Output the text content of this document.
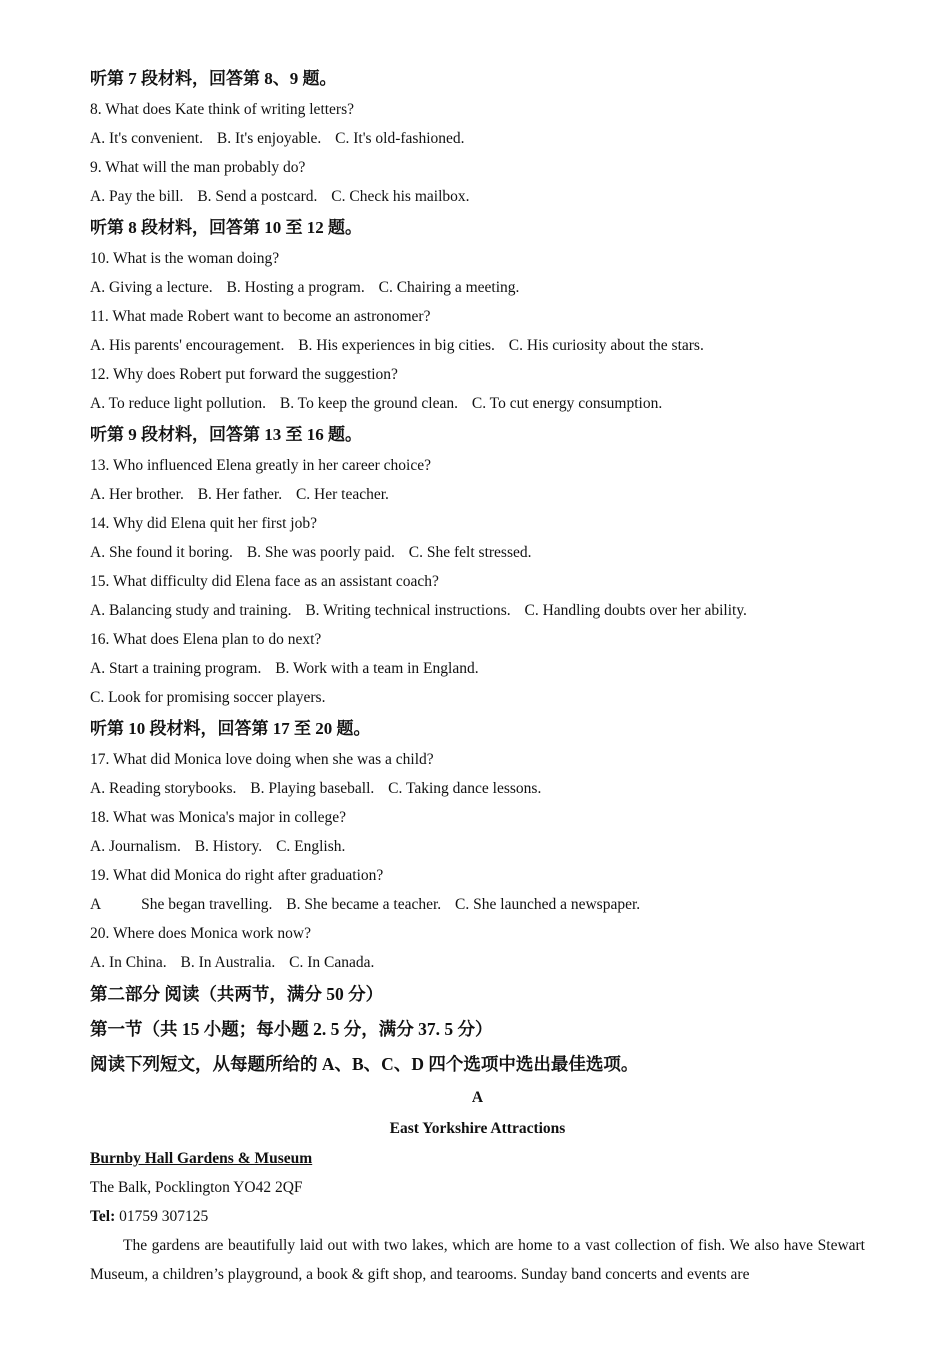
听第 7 段材料，回答第 8、9 题。
8. What does Kate think of writing letters?
A. It's convenient. B. It's enjoyable. C. It's old-fashioned.
9. What will the man probably do?
A. Pay the bill. B. Send a postcard. C. Check his mailbox.
听第 8 段材料，回答第 10 至 12 题。
10. What is the woman doing?
A. Giving a lecture. B. Hosting a program. C. Chairing a meeting.
11. What made Robert want to become an astronomer?
A. His parents' encouragement. B. His experiences in big cities. C. His curiosity about the stars.
12. Why does Robert put forward the suggestion?
A. To reduce light pollution. B. To keep the ground clean. C. To cut energy consumption.
听第 9 段材料，回答第 13 至 16 题。
13. Who influenced Elena greatly in her career choice?
A. Her brother. B. Her father. C. Her teacher.
14. Why did Elena quit her first job?
A. She found it boring. B. She was poorly paid. C. She felt stressed.
15. What difficulty did Elena face as an assistant coach?
A. Balancing study and training. B. Writing technical instructions. C. Handling doubts over her ability.
16. What does Elena plan to do next?
A. Start a training program. B. Work with a team in England.
C. Look for promising soccer players.
听第 10 段材料，回答第 17 至 20 题。
17. What did Monica love doing when she was a child?
A. Reading storybooks. B. Playing baseball. C. Taking dance lessons.
18. What was Monica's major in college?
A. Journalism. B. History. C. English.
19. What did Monica do right after graduation?
A	She began travelling. B. She became a teacher. C. She launched a newspaper.
20. Where does Monica work now?
A. In China. B. In Australia. C. In Canada.
第二部分 阅读（共两节，满分 50 分）
第一节（共 15 小题；每小题 2. 5 分，满分 37. 5 分）
阅读下列短文，从每题所给的 A、B、C、D 四个选项中选出最佳选项。
A
East Yorkshire Attractions
Burnby Hall Gardens & Museum
The Balk, Pocklington YO42 2QF
Tel: 01759 307125
The gardens are beautifully laid out with two lakes, which are home to a vast collection of fish. We also have Stewart Museum, a children’s playground, a book & gift shop, and tearooms. Sunday band concerts and events are
